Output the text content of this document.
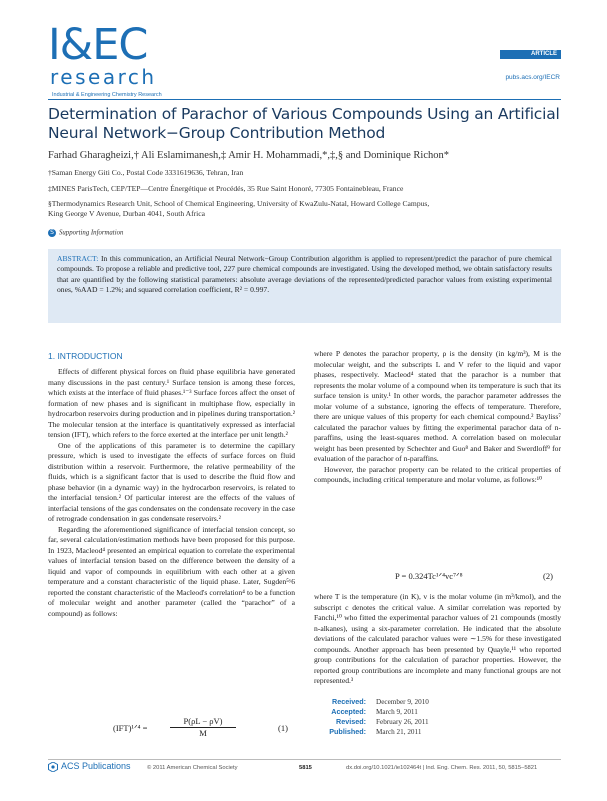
I&EC
research
Industrial & Engineering Chemistry Research
ARTICLE
pubs.acs.org/IECR
Determination of Parachor of Various Compounds Using an Artificial Neural Network−Group Contribution Method
Farhad Gharagheizi,† Ali Eslamimanesh,‡ Amir H. Mohammadi,*,‡,§ and Dominique Richon*
†Saman Energy Giti Co., Postal Code 3331619636, Tehran, Iran
‡MINES ParisTech, CEP/TEP—Centre Énergétique et Procédés, 35 Rue Saint Honoré, 77305 Fontainebleau, France
§Thermodynamics Research Unit, School of Chemical Engineering, University of KwaZulu-Natal, Howard College Campus,
King George V Avenue, Durban 4041, South Africa
S Supporting Information
ABSTRACT: In this communication, an Artificial Neural Network−Group Contribution algorithm is applied to represent/predict the parachor of pure chemical compounds. To propose a reliable and predictive tool, 227 pure chemical compounds are investigated. Using the developed method, we obtain satisfactory results that are quantified by the following statistical parameters: absolute average deviations of the represented/predicted parachor values from existing experimental ones, %AAD = 1.2%; and squared correlation coefficient, R² = 0.997.
1. INTRODUCTION

Effects of different physical forces on fluid phase equilibria have generated many discussions in the past century.¹ Surface tension is among these forces, which exists at the interface of fluid phases.¹⁻³ Surface forces affect the onset of formation of new phases and is significant in multiphase flow, especially in hydrocarbon reservoirs during production and in pipelines during transportation.² The molecular tension at the interface is quantitatively expressed as interfacial tension (IFT), which refers to the force exerted at the interface per unit length.²

One of the applications of this parameter is to determine the capillary pressure, which is used to investigate the effects of surface forces on fluid distribution within a reservoir. Furthermore, the relative permeability of the fluids, which is a significant factor that is used to describe the fluid flow and phase behavior (in a dynamic way) in the hydrocarbon reservoirs, is related to the interfacial tension.² Of particular interest are the effects of the values of interfacial tensions of the gas condensates on the condensate recovery in the case of retrograde condensation in gas condensate reservoirs.²

Regarding the aforementioned significance of interfacial tension concept, so far, several calculation/estimation methods have been proposed for this purpose. In 1923, Macleod⁴ presented an empirical equation to correlate the experimental values of interfacial tension based on the difference between the density of a liquid and vapor of compounds in equilibrium with each other at a given temperature and a constant characteristic of the liquid phase. Later, Sugden⁵ʸ6 reported the constant characteristic of the Macleod's correlation⁴ to be a function of molecular weight and another parameter (called the “parachor” of a compound) as follows:

(IFT)¹ᐟ⁴ =	$\frac{P(\rho L - \rho V)}{M}$	(1)

where P denotes the parachor property, ρ is the density (in kg/m³), M is the molecular weight, and the subscripts L and V refer to the liquid and vapor phases, respectively. Macleod⁴ stated that the parachor is a number that represents the molar volume of a compound when its temperature is such that its surface tension is unity.¹ In other words, the parachor parameter addresses the molar volume of a substance, ignoring the effects of temperature. Therefore, there are unique values of this property for each chemical compound.² Bayliss⁷ calculated the parachor values by fitting the experimental parachor data of n-paraffins, using the least-squares method. A correlation based on molecular weight has been presented by Schechter and Guo⁸ and Baker and Swerdloff⁹ for evaluation of the parachor of n-paraffins.

However, the parachor property can be related to the critical properties of compounds, including critical temperature and molar volume, as follows:¹⁰

P = 0.324Tc¹ᐟ⁴vc⁷ᐟ⁸	(2)

where T is the temperature (in K), v is the molar volume (in m³/kmol), and the subscript c denotes the critical value. A similar correlation was reported by Fanchi,¹⁰ who fitted the experimental parachor values of 21 compounds (mostly n-alkanes), using a six-parameter correlation. He indicated that the absolute deviations of the calculated parachor values were ∼1.5% for these investigated compounds. Another approach has been presented by Quayle,¹¹ who reported group contributions for the calculation of parachor properties. However, the reported group contributions are incomplete and many functional groups are not represented.³

Received: December 9, 2010
Accepted: March 9, 2011
Revised: February 26, 2011
Published: March 21, 2011
ACS Publications	© 2011 American Chemical Society	5815	dx.doi.org/10.1021/ie102464t | Ind. Eng. Chem. Res. 2011, 50, 5815–5821
